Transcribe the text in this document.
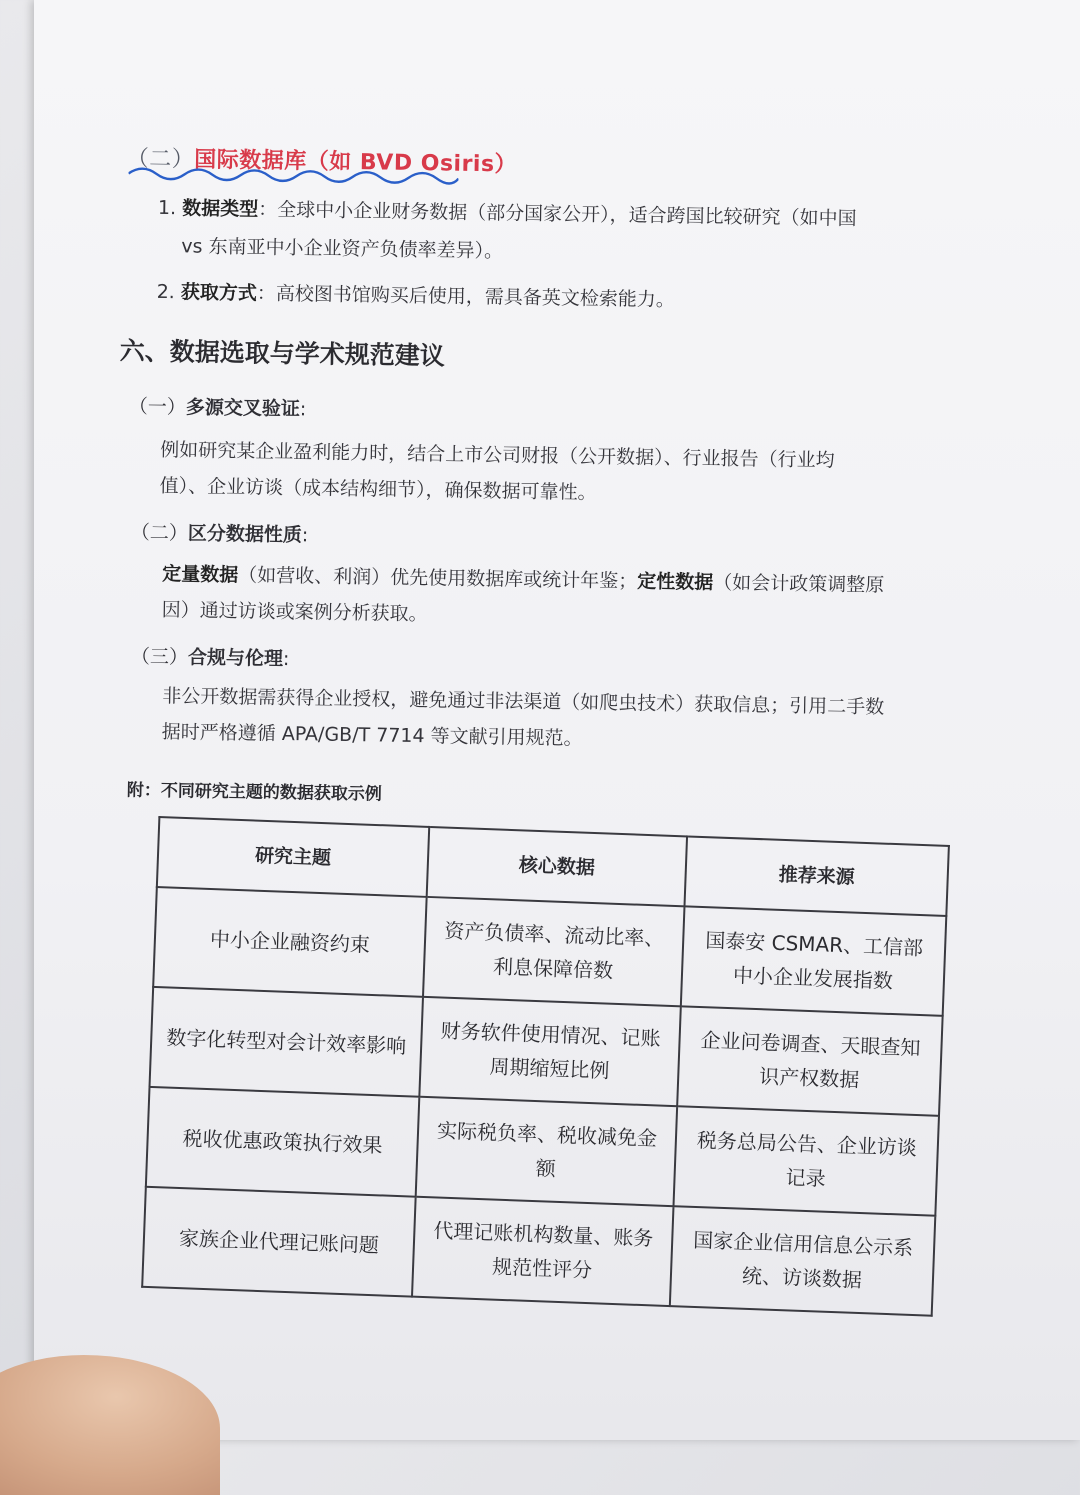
（二）国际数据库（如 BVD Osiris）
1. 数据类型：全球中小企业财务数据（部分国家公开），适合跨国比较研究（如中国
vs 东南亚中小企业资产负债率差异）。
2. 获取方式：高校图书馆购买后使用，需具备英文检索能力。
六、数据选取与学术规范建议
（一）多源交叉验证:
例如研究某企业盈利能力时，结合上市公司财报（公开数据）、行业报告（行业均
值）、企业访谈（成本结构细节），确保数据可靠性。
（二）区分数据性质:
定量数据（如营收、利润）优先使用数据库或统计年鉴；定性数据（如会计政策调整原
因）通过访谈或案例分析获取。
（三）合规与伦理:
非公开数据需获得企业授权，避免通过非法渠道（如爬虫技术）获取信息；引用二手数
据时严格遵循 APA/GB/T 7714 等文献引用规范。
附：不同研究主题的数据获取示例
研究主题	核心数据	推荐来源
中小企业融资约束	资产负债率、流动比率、利息保障倍数	国泰安 CSMAR、工信部中小企业发展指数
数字化转型对会计效率影响	财务软件使用情况、记账周期缩短比例	企业问卷调查、天眼查知识产权数据
税收优惠政策执行效果	实际税负率、税收减免金额	税务总局公告、企业访谈记录
家族企业代理记账问题	代理记账机构数量、账务规范性评分	国家企业信用信息公示系统、访谈数据
